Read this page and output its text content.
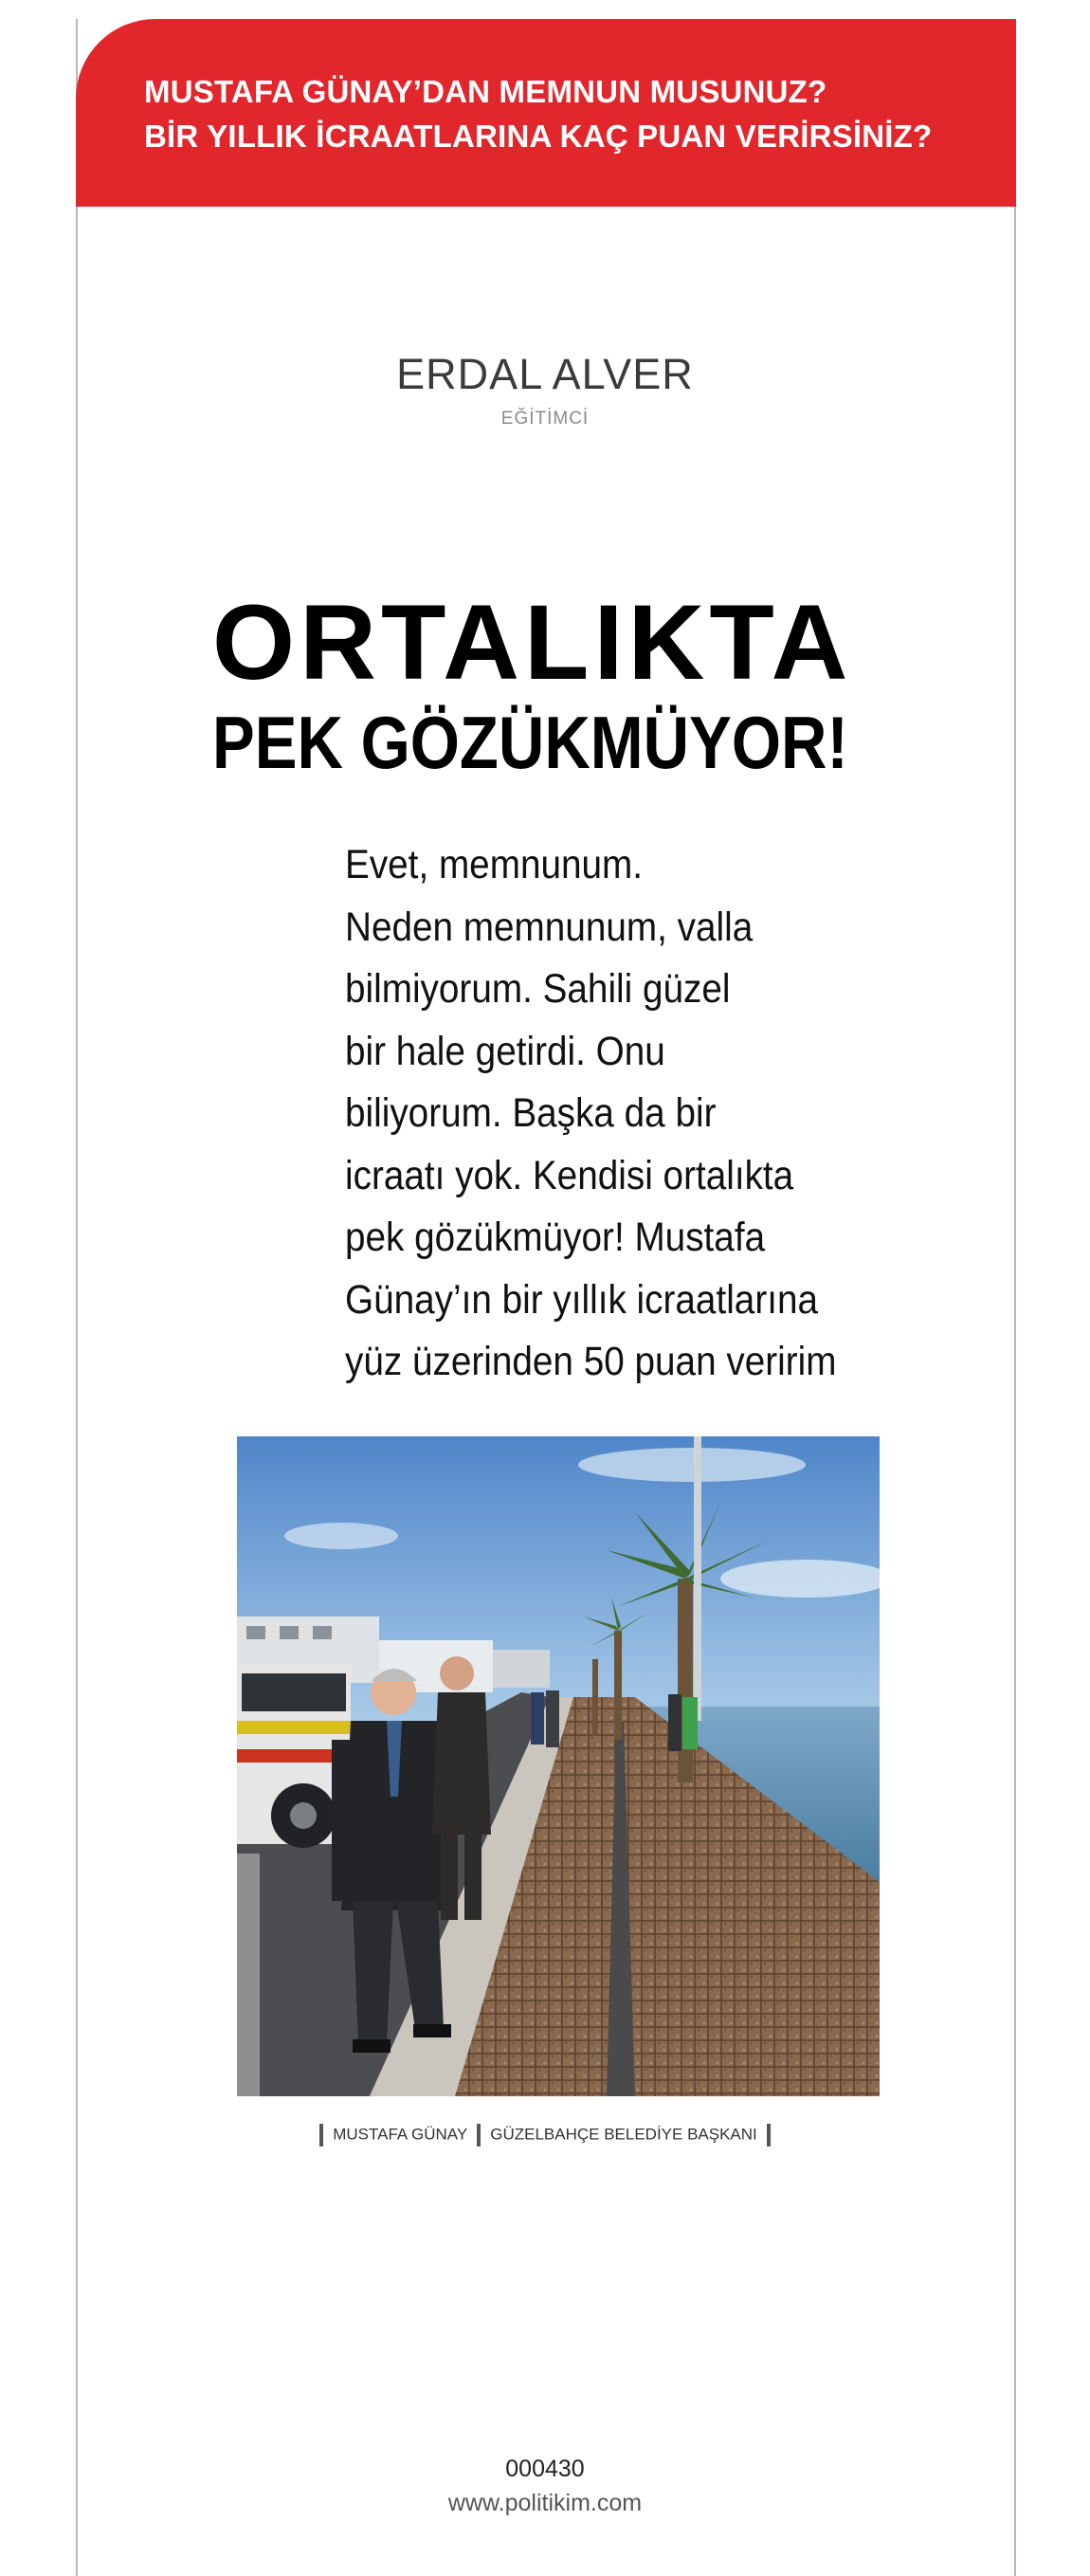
MUSTAFA GÜNAY’DAN MEMNUN MUSUNUZ?
BİR YILLIK İCRAATLARINA KAÇ PUAN VERİRSİNİZ?
ERDAL ALVER
EĞİTİMCİ
ORTALIKTA
PEK GÖZÜKMÜYOR!
Evet, memnunum.
Neden memnunum, valla
bilmiyorum. Sahili güzel
bir hale getirdi. Onu
biliyorum. Başka da bir
icraatı yok. Kendisi ortalıkta
pek gözükmüyor! Mustafa
Günay’ın bir yıllık icraatlarına
yüz üzerinden 50 puan veririm
MUSTAFA GÜNAY GÜZELBAHÇE BELEDİYE BAŞKANI
000430
www.politikim.com
